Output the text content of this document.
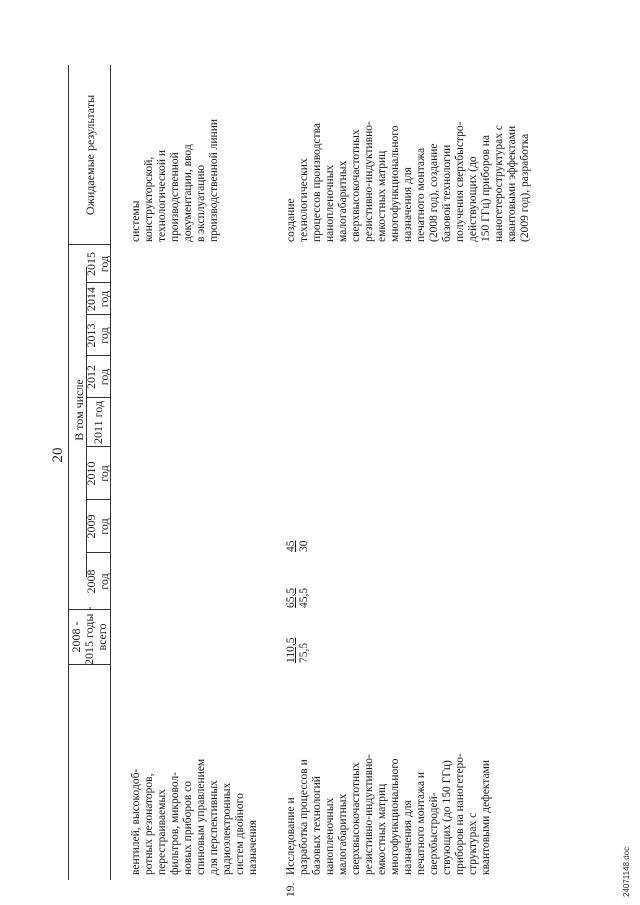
20
2008 - 2015 годы - всего
В том числе
2008 год
2009 год
2010 год
2011 год
2012 год
2013 год
2014 год
2015 год
Ожидаемые результаты
вентилей, высокодоб- ротных резонаторов, перестраиваемых фильтров, микровол- новых приборов со спиновым управлением для перспективных радиоэлектронных систем двойного назначения
системы конструкторской, технологической и производственной документации, ввод в эксплуатацию производственной линии
19.
Исследование и разработка процессов и базовых технологий нанопленочных малогабаритных сверхвысокочастотных резистивно-индуктивно- емкостных матриц многофункционального назначения для печатного монтажа и сверхбыстродей- ствующих (до 150 ГГц) приборов на наногетеро- структурах с квантовыми дефектами
110,5 75,5
65,5 45,5
45 30
создание технологических процессов производства нанопленочных малогабаритных сверхвысокочастотных резистивно-индуктивно- емкостных матриц многофункционального назначения для печатного монтажа (2008 год), создание базовой технологии получения сверхбыстро- действующих (до 150 ГГц) приборов на наногетероструктурах с квантовыми эффектами (2009 год), разработка
24071148.doc
